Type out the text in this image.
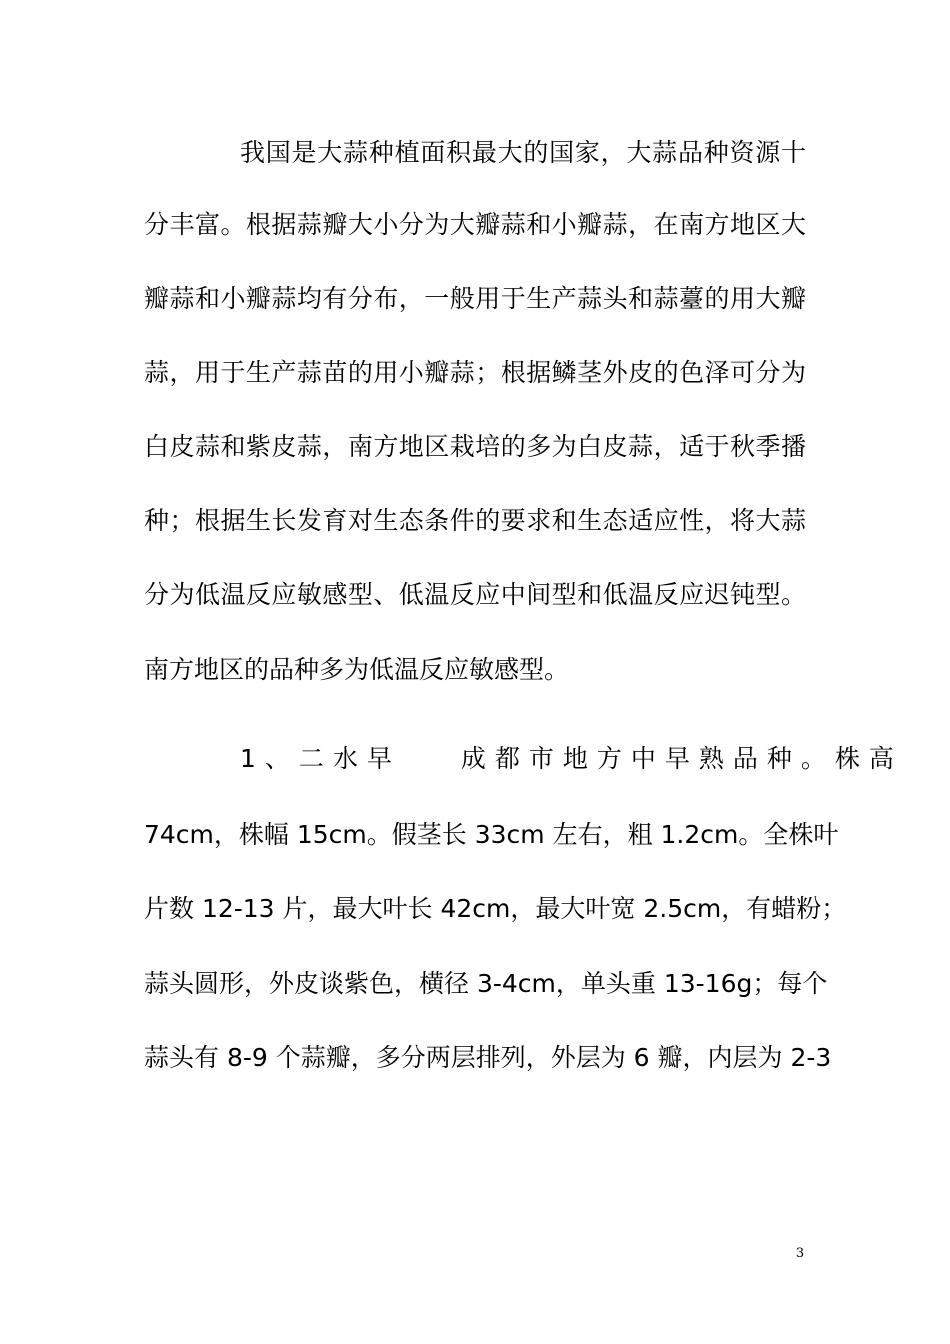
我国是大蒜种植面积最大的国家，大蒜品种资源十
分丰富。根据蒜瓣大小分为大瓣蒜和小瓣蒜，在南方地区大
瓣蒜和小瓣蒜均有分布，一般用于生产蒜头和蒜薹的用大瓣
蒜，用于生产蒜苗的用小瓣蒜；根据鳞茎外皮的色泽可分为
白皮蒜和紫皮蒜，南方地区栽培的多为白皮蒜，适于秋季播
种；根据生长发育对生态条件的要求和生态适应性，将大蒜
分为低温反应敏感型、低温反应中间型和低温反应迟钝型。
南方地区的品种多为低温反应敏感型。
1、二水早 成都市地方中早熟品种。株高
74cm，株幅 15cm。假茎长 33cm 左右，粗 1.2cm。全株叶
片数 12-13 片，最大叶长 42cm，最大叶宽 2.5cm，有蜡粉；
蒜头圆形，外皮谈紫色，横径 3-4cm，单头重 13-16g；每个
蒜头有 8-9 个蒜瓣，多分两层排列，外层为 6 瓣，内层为 2-3
3
